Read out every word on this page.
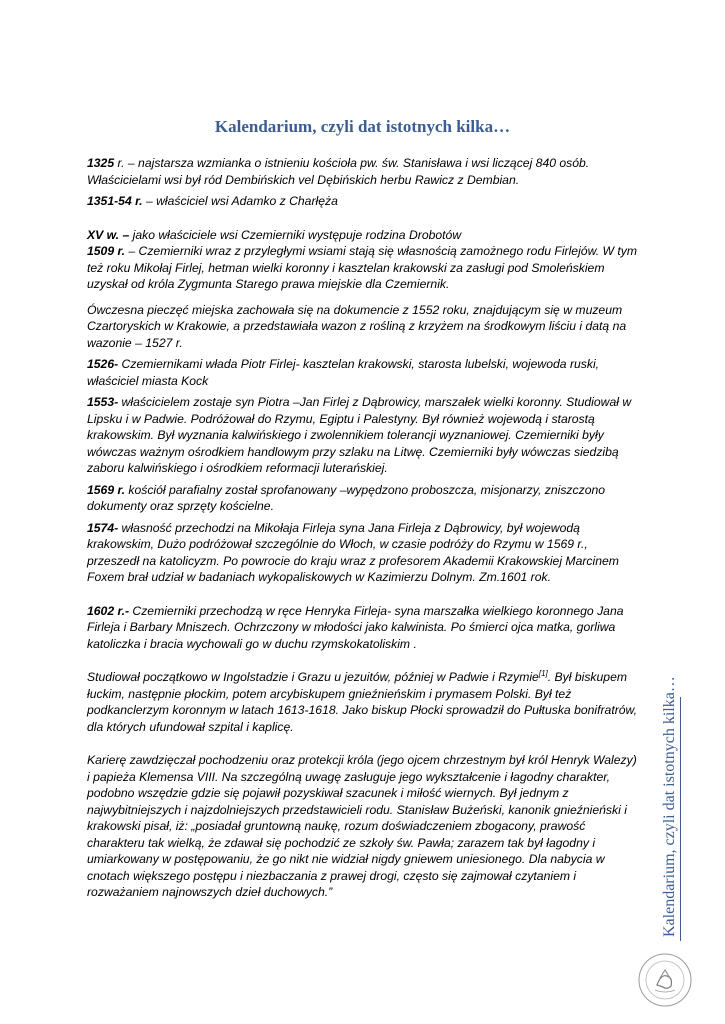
Kalendarium, czyli dat istotnych kilka…

1325 r. – najstarsza wzmianka o istnieniu kościoła pw. św. Stanisława i wsi liczącej 840 osób. Właścicielami wsi był ród Dembińskich vel Dębińskich herbu Rawicz z Dembian.

1351-54 r. – właściciel wsi Adamko z Charłęża

XV w. – jako właściciele wsi Czemierniki występuje rodzina Drobotów

1509 r. – Czemierniki wraz z przyległymi wsiami stają się własnością zamożnego rodu Firlejów. W tym też roku Mikołaj Firlej, hetman wielki koronny i kasztelan krakowski za zasługi pod Smoleńskiem uzyskał od króla Zygmunta Starego prawa miejskie dla Czemiernik.

Ówczesna pieczęć miejska zachowała się na dokumencie z 1552 roku, znajdującym się w muzeum Czartoryskich w Krakowie, a przedstawiała wazon z rośliną z krzyżem na środkowym liściu i datą na wazonie – 1527 r.

1526- Czemiernikami włada Piotr Firlej- kasztelan krakowski, starosta lubelski, wojewoda ruski, właściciel miasta Kock

1553- właścicielem zostaje syn Piotra –Jan Firlej z Dąbrowicy, marszałek wielki koronny. Studiował w Lipsku i w Padwie. Podróżował do Rzymu, Egiptu i Palestyny. Był również wojewodą i starostą krakowskim. Był wyznania kalwińskiego i zwolennikiem tolerancji wyznaniowej. Czemierniki były wówczas ważnym ośrodkiem handlowym przy szlaku na Litwę. Czemierniki były wówczas siedzibą zaboru kalwińskiego i ośrodkiem reformacji luterańskiej.

1569 r. kościół parafialny został sprofanowany –wypędzono proboszcza, misjonarzy, zniszczono dokumenty oraz sprzęty kościelne.

1574- własność przechodzi na Mikołaja Firleja syna Jana Firleja z Dąbrowicy, był wojewodą krakowskim, Dużo podróżował szczególnie do Włoch, w czasie podróży do Rzymu w 1569 r., przeszedł na katolicyzm. Po powrocie do kraju wraz z profesorem Akademii Krakowskiej Marcinem Foxem brał udział w badaniach wykopaliskowych w Kazimierzu Dolnym. Zm.1601 rok.

1602 r.- Czemierniki przechodzą w ręce Henryka Firleja- syna marszałka wielkiego koronnego Jana Firleja i Barbary Mniszech. Ochrzczony w młodości jako kalwinista. Po śmierci ojca matka, gorliwa katoliczka i bracia wychowali go w duchu rzymskokatoliskim .

Studiował początkowo w Ingolstadzie i Grazu u jezuitów, później w Padwie i Rzymie[1]. Był biskupem łuckim, następnie płockim, potem arcybiskupem gnieźnieńskim i prymasem Polski. Był też podkanclerzym koronnym w latach 1613-1618. Jako biskup Płocki sprowadził do Pułtuska bonifratrów, dla których ufundował szpital i kaplicę.

Karierę zawdzięczał pochodzeniu oraz protekcji króla (jego ojcem chrzestnym był król Henryk Walezy) i papieża Klemensa VIII. Na szczególną uwagę zasługuje jego wykształcenie i łagodny charakter, podobno wszędzie gdzie się pojawił pozyskiwał szacunek i miłość wiernych. Był jednym z najwybitniejszych i najzdolniejszych przedstawicieli rodu. Stanisław Bużeński, kanonik gnieźnieński i krakowski pisał, iż: „posiadał gruntowną naukę, rozum doświadczeniem zbogacony, prawość charakteru tak wielką, że zdawał się pochodzić ze szkoły św. Pawła; zarazem tak był łagodny i umiarkowany w postępowaniu, że go nikt nie widział nigdy gniewem uniesionego. Dla nabycia w cnotach większego postępu i niezbaczania z prawej drogi, często się zajmował czytaniem i rozważaniem najnowszych dzieł duchowych.”	Kalendarium, czyli dat istotnych kilka…
